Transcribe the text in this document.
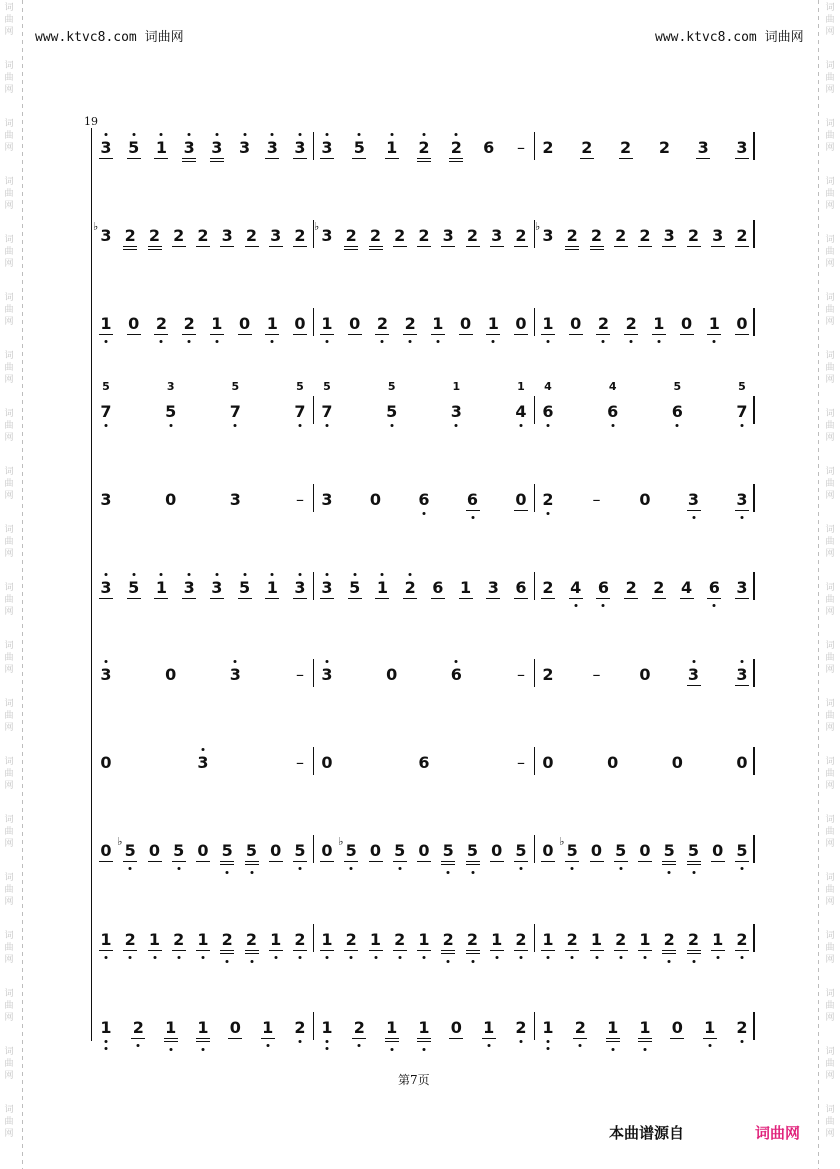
词
曲
网
词
曲
网
词
曲
网
词
曲
网
词
曲
网
词
曲
网
词
曲
网
词
曲
网
词
曲
网
词
曲
网
词
曲
网
词
曲
网
词
曲
网
词
曲
网
词
曲
网
词
曲
网
词
曲
网
词
曲
网
词
曲
网
词
曲
网
词
曲
网
词
曲
网
词
曲
网
词
曲
网
词
曲
网
词
曲
网
词
曲
网
词
曲
网
词
曲
网
词
曲
网
词
曲
网
词
曲
网
词
曲
网
词
曲
网
词
曲
网
词
曲
网
词
曲
网
词
曲
网
词
曲
网
词
曲
网
www.ktvc8.com 词曲网	www.ktvc8.com 词曲网
19
3 5 1 3 3 3 3 3 3 5 1 2 2 6 – 2 2 2 2 3 3
3
♭ 2 2 2 2 3 2 3 2 3
♭ 2 2 2 2 3 2 3 2 3
♭ 2 2 2 2 3 2 3 2
1 0 2 2 1 0 1 0 1 0 2 2 1 0 1 0 1 0 2 2 1 0 1 0
5
7
3
5
5
7
5
7
5
7
5
5
1
3
1
4
4
6
4
6
5
6
5
7
3	0	3	– 3 0 6 6 0 2 – 0 3 3
3 5 1 3 3 5 1 3 3 5 1 2 6 1 3 6 2 4 6 2 2 4 6 3
3	0	3	– 3	0	6	– 2 – 0 3 3
0	3	– 0	6	– 0	0	0	0
0 5
♭ 0 5 0 5 5 0 5 0 5
♭ 0 5 0 5 5 0 5 0 5
♭ 0 5 0 5 5 0 5
1 2 1 2 1 2 2 1 2 1 2 1 2 1 2 2 1 2 1 2 1 2 1 2 2 1 2
1 2 1 1 0 1 2 1 2 1 1 0 1 2 1 2 1 1 0 1 2
第7页
本曲谱源自	词曲网
